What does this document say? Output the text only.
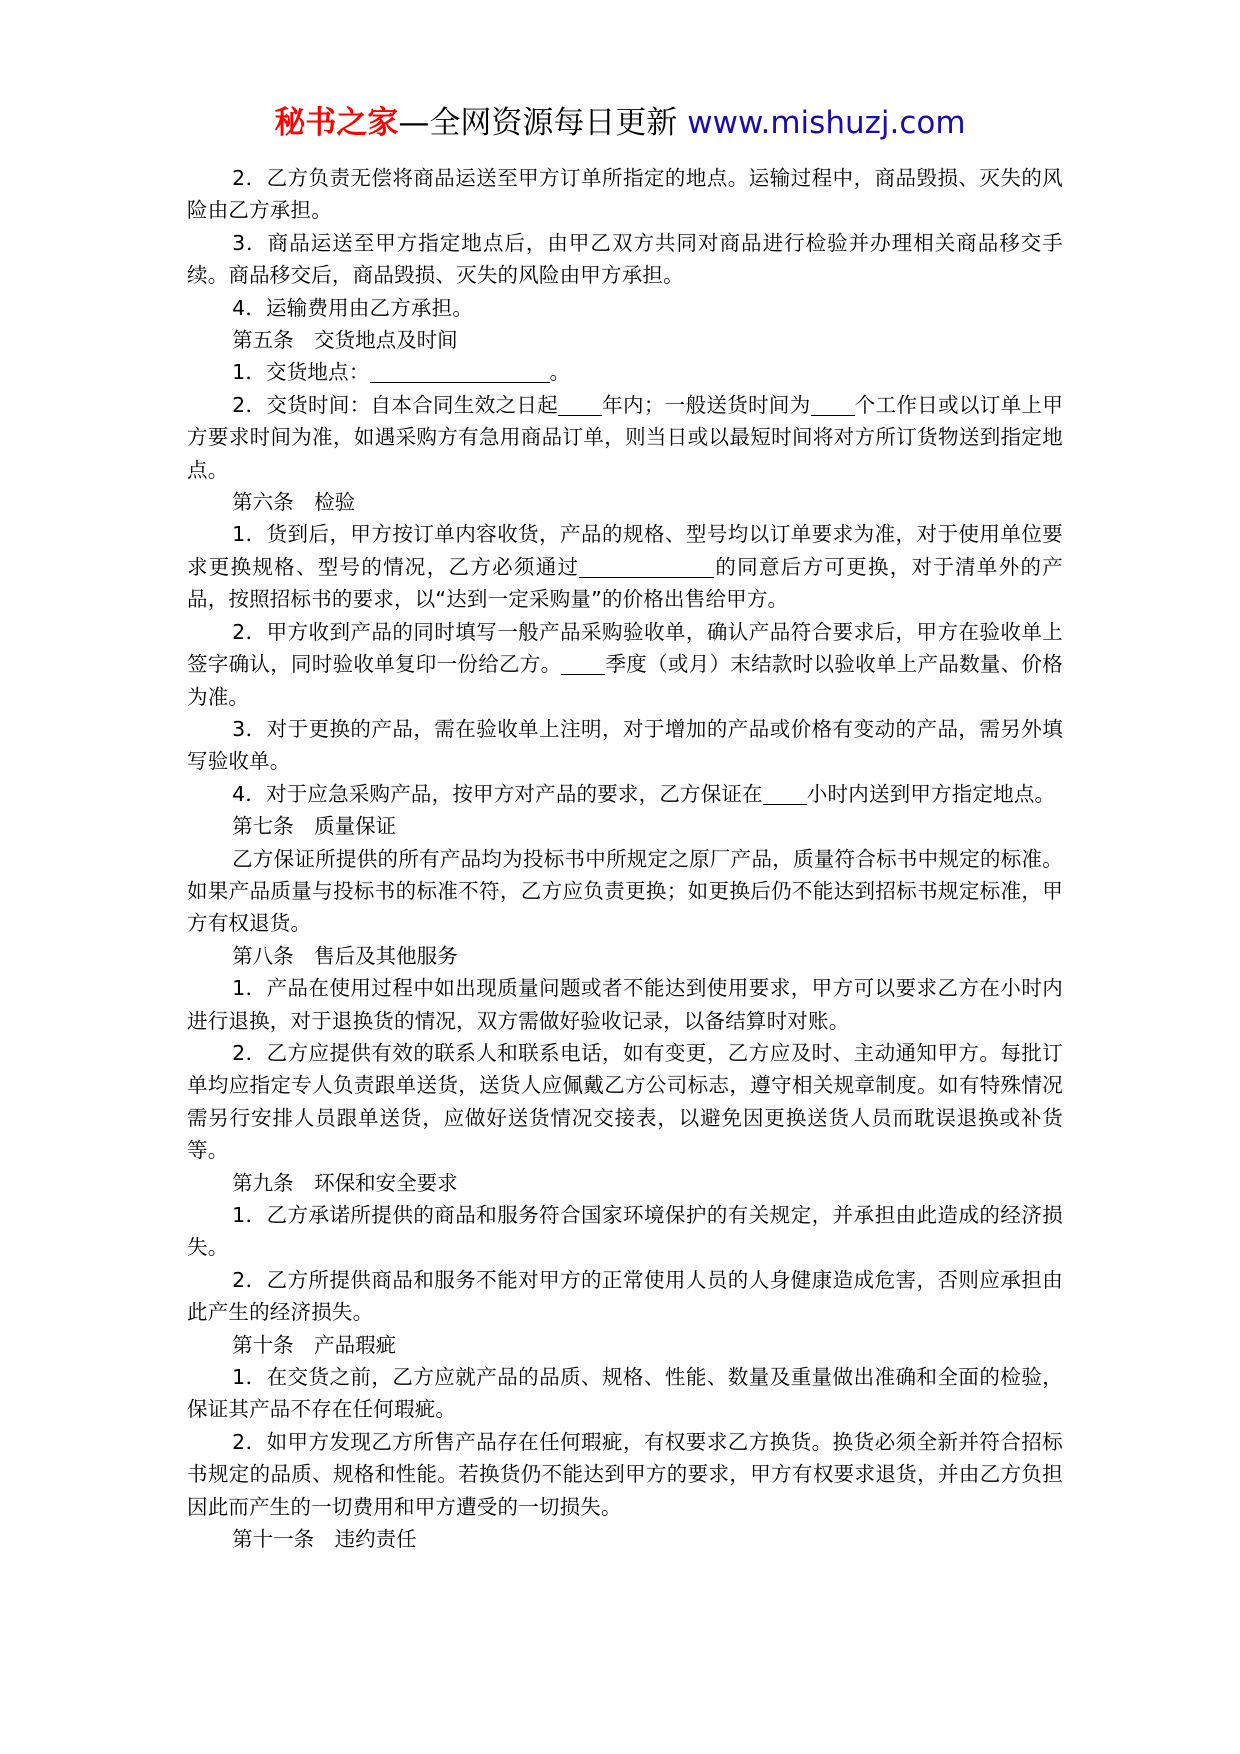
秘书之家—全网资源每日更新 www.mishuzj.com

2．乙方负责无偿将商品运送至甲方订单所指定的地点。运输过程中，商品毁损、灭失的风险由乙方承担。

3．商品运送至甲方指定地点后，由甲乙双方共同对商品进行检验并办理相关商品移交手续。商品移交后，商品毁损、灭失的风险由甲方承担。

4．运输费用由乙方承担。

第五条　交货地点及时间

1．交货地点：	。

2．交货时间：自本合同生效之日起 年内；一般送货时间为 个工作日或以订单上甲方要求时间为准，如遇采购方有急用商品订单，则当日或以最短时间将对方所订货物送到指定地点。

第六条　检验

1．货到后，甲方按订单内容收货，产品的规格、型号均以订单要求为准，对于使用单位要求更换规格、型号的情况，乙方必须通过	的同意后方可更换，对于清单外的产品，按照招标书的要求，以“达到一定采购量”的价格出售给甲方。

2．甲方收到产品的同时填写一般产品采购验收单，确认产品符合要求后，甲方在验收单上签字确认，同时验收单复印一份给乙方。 季度（或月）末结款时以验收单上产品数量、价格为准。

3．对于更换的产品，需在验收单上注明，对于增加的产品或价格有变动的产品，需另外填写验收单。

4．对于应急采购产品，按甲方对产品的要求，乙方保证在 小时内送到甲方指定地点。

第七条　质量保证

乙方保证所提供的所有产品均为投标书中所规定之原厂产品，质量符合标书中规定的标准。如果产品质量与投标书的标准不符，乙方应负责更换；如更换后仍不能达到招标书规定标准，甲方有权退货。

第八条　售后及其他服务

1．产品在使用过程中如出现质量问题或者不能达到使用要求，甲方可以要求乙方在小时内进行退换，对于退换货的情况，双方需做好验收记录，以备结算时对账。

2．乙方应提供有效的联系人和联系电话，如有变更，乙方应及时、主动通知甲方。每批订单均应指定专人负责跟单送货，送货人应佩戴乙方公司标志，遵守相关规章制度。如有特殊情况需另行安排人员跟单送货，应做好送货情况交接表，以避免因更换送货人员而耽误退换或补货等。

第九条　环保和安全要求

1．乙方承诺所提供的商品和服务符合国家环境保护的有关规定，并承担由此造成的经济损失。

2．乙方所提供商品和服务不能对甲方的正常使用人员的人身健康造成危害，否则应承担由此产生的经济损失。

第十条　产品瑕疵

1．在交货之前，乙方应就产品的品质、规格、性能、数量及重量做出准确和全面的检验，保证其产品不存在任何瑕疵。

2．如甲方发现乙方所售产品存在任何瑕疵，有权要求乙方换货。换货必须全新并符合招标书规定的品质、规格和性能。若换货仍不能达到甲方的要求，甲方有权要求退货，并由乙方负担因此而产生的一切费用和甲方遭受的一切损失。

第十一条　违约责任
